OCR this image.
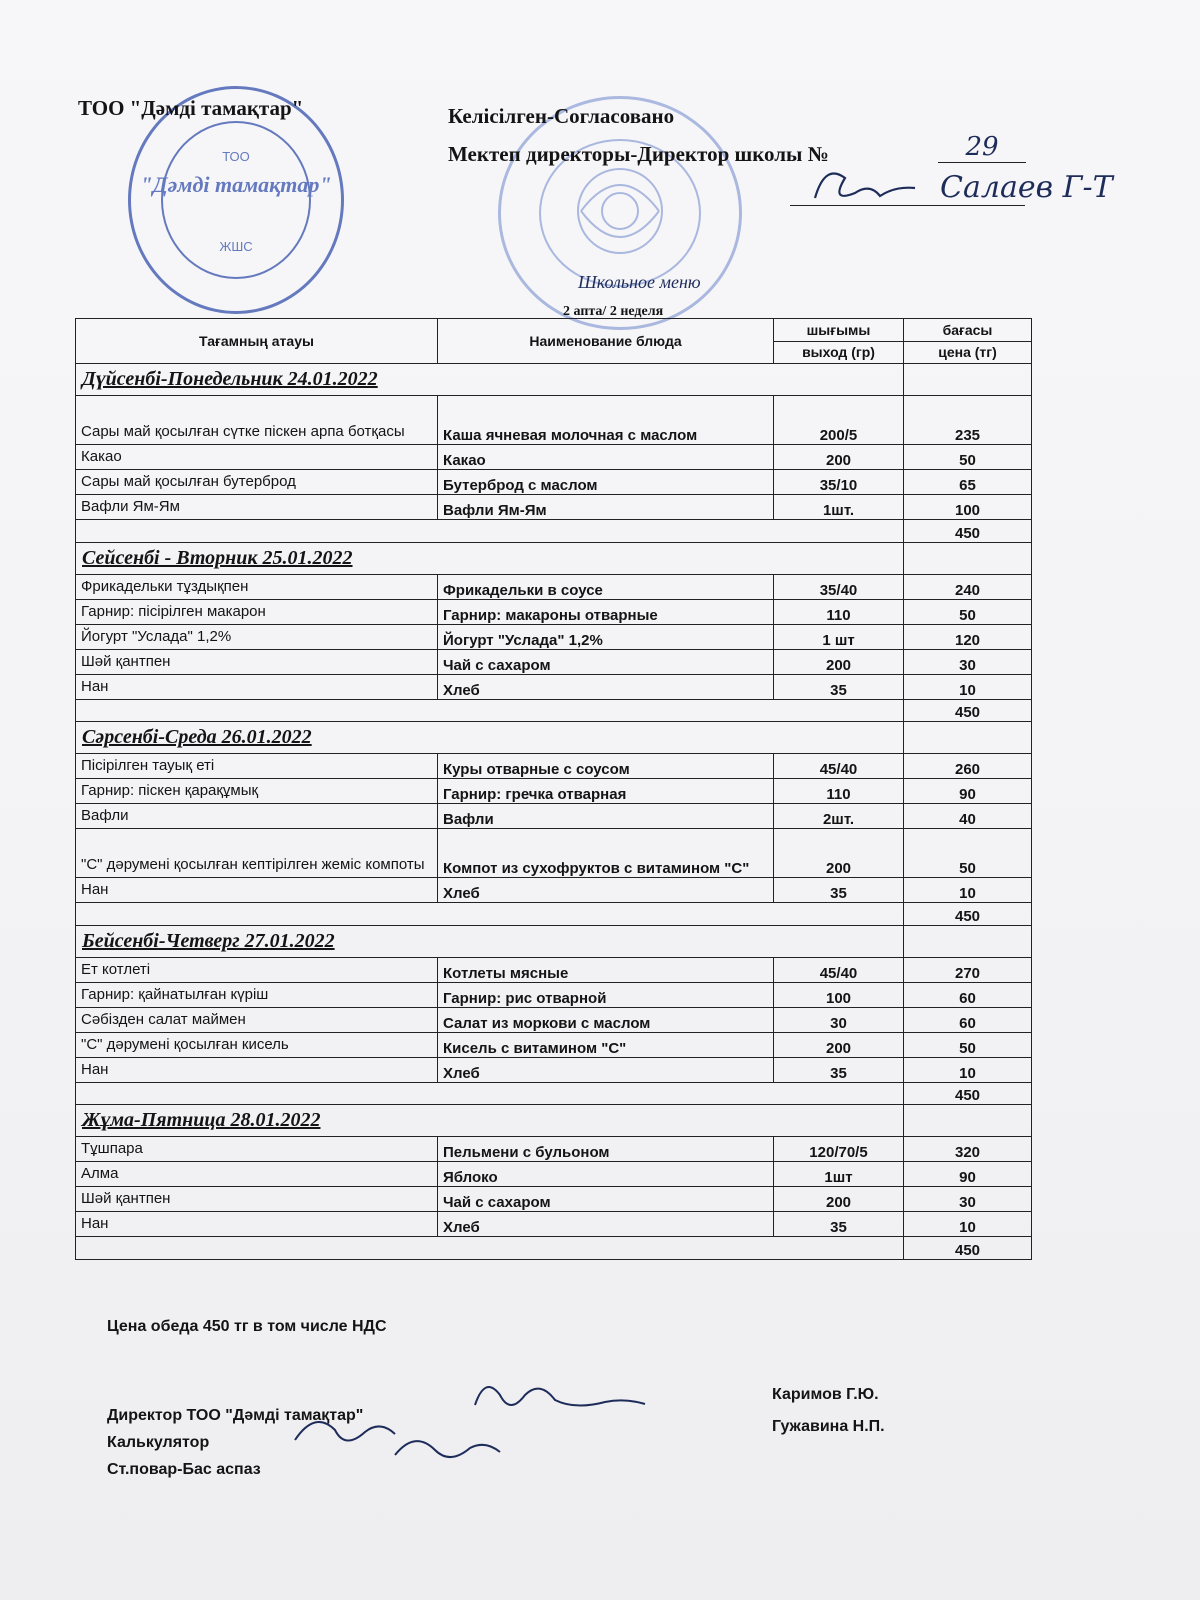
ТОО
"Дәмді тамақтар"
ЖШС
ТОО "Дәмді тамақтар"	Келісілген-Согласовано
Мектеп директоры-Директор школы №	29
Салаев Г-Т
Школьное меню
2 апта/ 2 неделя
Тағамның атауы	Наименование блюда	шығымы	бағасы
		выход (гр)	цена (тг)
Дүйсенбі-Понедельник 24.01.2022			
Сары май қосылған сүтке піскен арпа ботқасы	Каша ячневая молочная с маслом	200/5	235
Какао	Какао	200	50
Сары май қосылған бутерброд	Бутерброд с маслом	35/10	65
Вафли Ям-Ям	Вафли Ям-Ям	1шт.	100
			450
Сейсенбі - Вторник 25.01.2022			
Фрикадельки тұздықпен	Фрикадельки в соусе	35/40	240
Гарнир: пісірілген макарон	Гарнир: макароны отварные	110	50
Йогурт "Услада" 1,2%	Йогурт "Услада" 1,2%	1 шт	120
Шәй қантпен	Чай с сахаром	200	30
Нан	Хлеб	35	10
			450
Сәрсенбі-Среда 26.01.2022			
Пісірілген тауық еті	Куры отварные с соусом	45/40	260
Гарнир: піскен қарақұмық	Гарнир: гречка отварная	110	90
Вафли	Вафли	2шт.	40
"С" дәрумені қосылған кептірілген жеміс компоты	Компот из сухофруктов с витамином "С"	200	50
Нан	Хлеб	35	10
			450
Бейсенбі-Четверг 27.01.2022			
Ет котлеті	Котлеты мясные	45/40	270
Гарнир: қайнатылған күріш	Гарнир: рис отварной	100	60
Сәбізден салат маймен	Салат из моркови с маслом	30	60
"С" дәрумені қосылған кисель	Кисель с витамином "С"	200	50
Нан	Хлеб	35	10
			450
Жұма-Пятница 28.01.2022			
Тұшпара	Пельмени с бульоном	120/70/5	320
Алма	Яблоко	1шт	90
Шәй қантпен	Чай с сахаром	200	30
Нан	Хлеб	35	10
			450
Цена обеда 450 тг в том числе НДС
Директор ТОО "Дәмді тамақтар"
Калькулятор
Ст.повар-Бас аспаз
Каримов Г.Ю.
Гужавина Н.П.
